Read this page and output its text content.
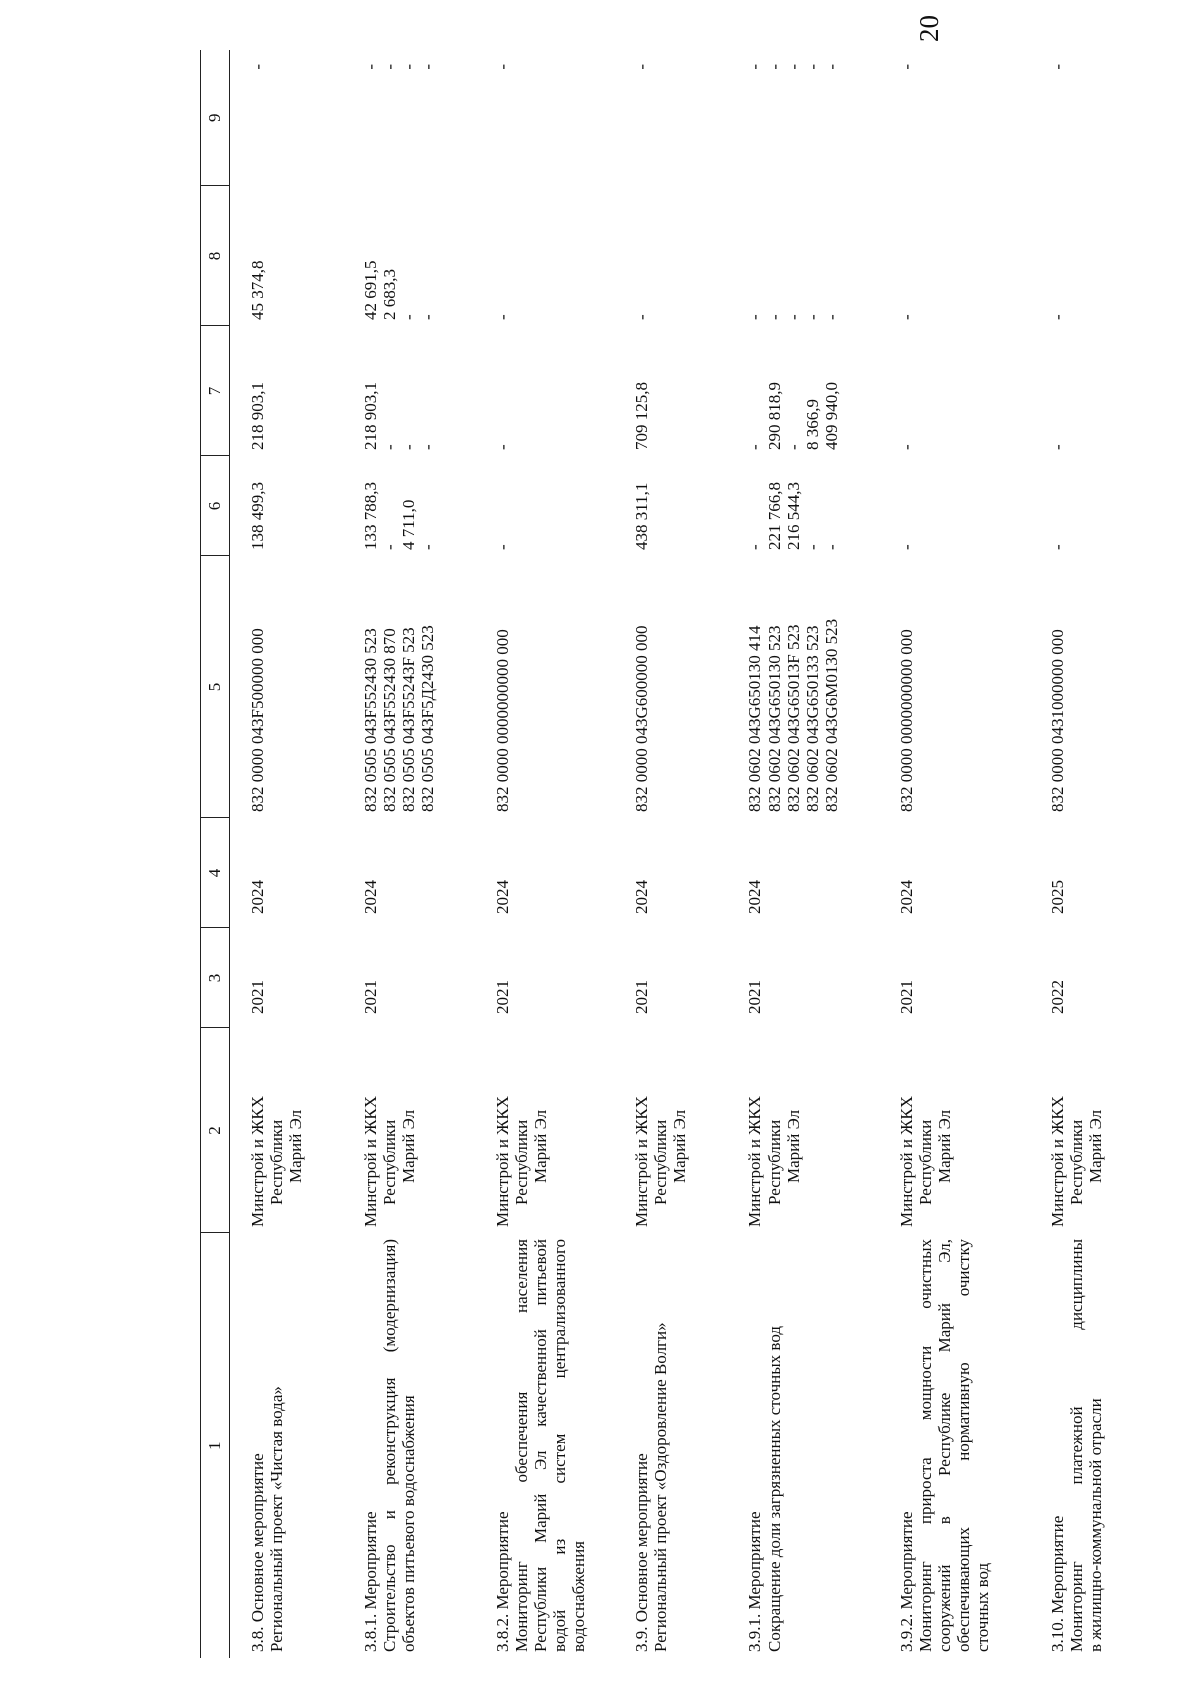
20
1	2	3	4	5	6	7	8	9

3.8. Основное мероприятие Региональный проект «Чистая вода»	Минстрой и ЖКХ Республики Марий Эл	2021	2024	832 0000 043F500000 000	138 499,3	218 903,1	45 374,8	-

3.8.1. Мероприятие Строительство и реконструкция (модернизация) объектов питьевого водоснабжения	Минстрой и ЖКХ Республики Марий Эл	2021	2024	832 0505 043F552430 523 832 0505 043F552430 870 832 0505 043F55243F 523 832 0505 043F5Д2430 523	133 788,3 - 4 711,0 -	218 903,1 - - -	42 691,5 2 683,3 - -	- - - -

3.8.2. Мероприятие Мониторинг обеспечения населения Республики Марий Эл качественной питьевой водой из систем централизованного водоснабжения	Минстрой и ЖКХ Республики Марий Эл	2021	2024	832 0000 0000000000 000	-	-	-	-

3.9. Основное мероприятие Региональный проект «Оздоровление Волги»	Минстрой и ЖКХ Республики Марий Эл	2021	2024	832 0000 043G600000 000	438 311,1	709 125,8	-	-

3.9.1. Мероприятие Сокращение доли загрязненных сточных вод	Минстрой и ЖКХ Республики Марий Эл	2021	2024	832 0602 043G650130 414 832 0602 043G650130 523 832 0602 043G65013F 523 832 0602 043G650133 523 832 0602 043G6M0130 523	- 221 766,8 216 544,3 - -	- 290 818,9 - 8 366,9 409 940,0	- - - - -	- - - - -

3.9.2. Мероприятие Мониторинг прироста мощности очистных сооружений в Республике Марий Эл, обеспечивающих нормативную очистку сточных вод	Минстрой и ЖКХ Республики Марий Эл	2021	2024	832 0000 0000000000 000	-	-	-	-

3.10. Мероприятие Мониторинг платежной дисциплины в жилищно-коммунальной отрасли	Минстрой и ЖКХ Республики Марий Эл	2022	2025	832 0000 0431000000 000	-	-	-	-
